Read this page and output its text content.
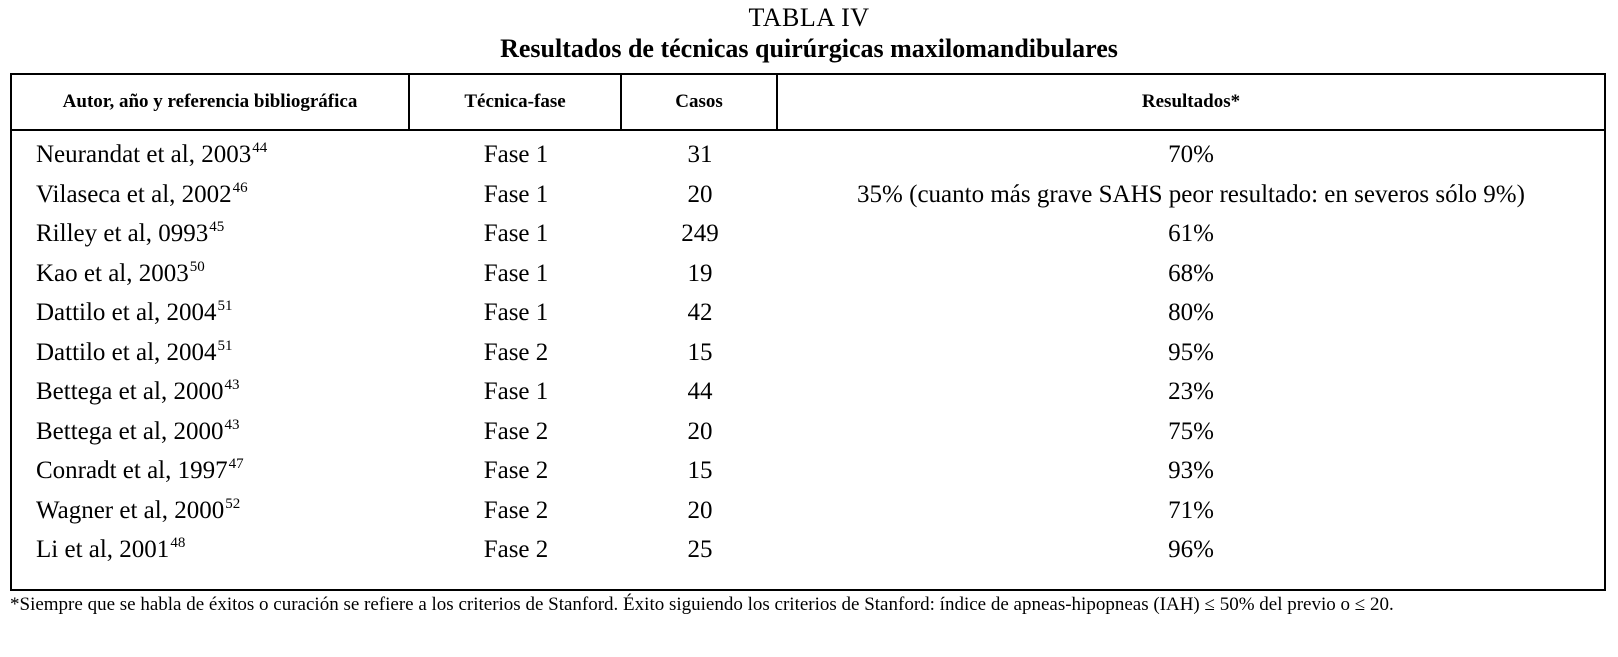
TABLA IV
Resultados de técnicas quirúrgicas maxilomandibulares
Autor, año y referencia bibliográfica	Técnica-fase	Casos	Resultados*
Neurandat et al, 2003$^{44}$	Fase 1	31	70%
Vilaseca et al, 2002$^{46}$	Fase 1	20	35% (cuanto más grave SAHS peor resultado: en severos sólo 9%)
Rilley et al, 0993$^{45}$	Fase 1	249	61%
Kao et al, 2003$^{50}$	Fase 1	19	68%
Dattilo et al, 2004$^{51}$	Fase 1	42	80%
Dattilo et al, 2004$^{51}$	Fase 2	15	95%
Bettega et al, 2000$^{43}$	Fase 1	44	23%
Bettega et al, 2000$^{43}$	Fase 2	20	75%
Conradt et al, 1997$^{47}$	Fase 2	15	93%
Wagner et al, 2000$^{52}$	Fase 2	20	71%
Li et al, 2001$^{48}$	Fase 2	25	96%
*Siempre que se habla de éxitos o curación se refiere a los criterios de Stanford. Éxito siguiendo los criterios de Stanford: índice de apneas-hipopneas (IAH) ≤ 50% del previo o ≤ 20.
